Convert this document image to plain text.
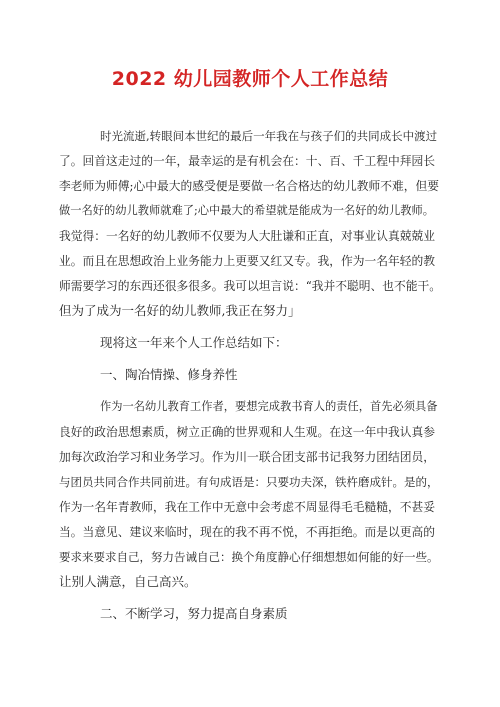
2022 幼儿园教师个人工作总结
时光流逝,转眼间本世纪的最后一年我在与孩子们的共同成长中渡过
了。回首这走过的一年，最幸运的是有机会在：十、百、千工程中拜园长
李老师为师傅;心中最大的感受便是要做一名合格达的幼儿教师不难，但要
做一名好的幼儿教师就难了;心中最大的希望就是能成为一名好的幼儿教师。
我觉得：一名好的幼儿教师不仅要为人大肚谦和正直，对事业认真兢兢业
业。而且在思想政治上业务能力上更要又红又专。我，作为一名年轻的教
师需要学习的东西还很多很多。我可以坦言说：“我并不聪明、也不能干。
但为了成为一名好的幼儿教师,我正在努力」
现将这一年来个人工作总结如下：
一、陶冶情操、修身养性
作为一名幼儿教育工作者，要想完成教书育人的责任，首先必须具备
良好的政治思想素质，树立正确的世界观和人生观。在这一年中我认真参
加每次政治学习和业务学习。作为川一联合团支部书记我努力团结团员，
与团员共同合作共同前进。有句成语是：只要功夫深，铁杵磨成针。是的，
作为一名年青教师，我在工作中无意中会考虑不周显得毛毛糙糙，不甚妥
当。当意见、建议来临时，现在的我不再不悦，不再拒绝。而是以更高的
要求来要求自己，努力告诫自己：换个角度静心仔细想想如何能的好一些。
让别人满意，自己高兴。
二、不断学习，努力提高自身素质
